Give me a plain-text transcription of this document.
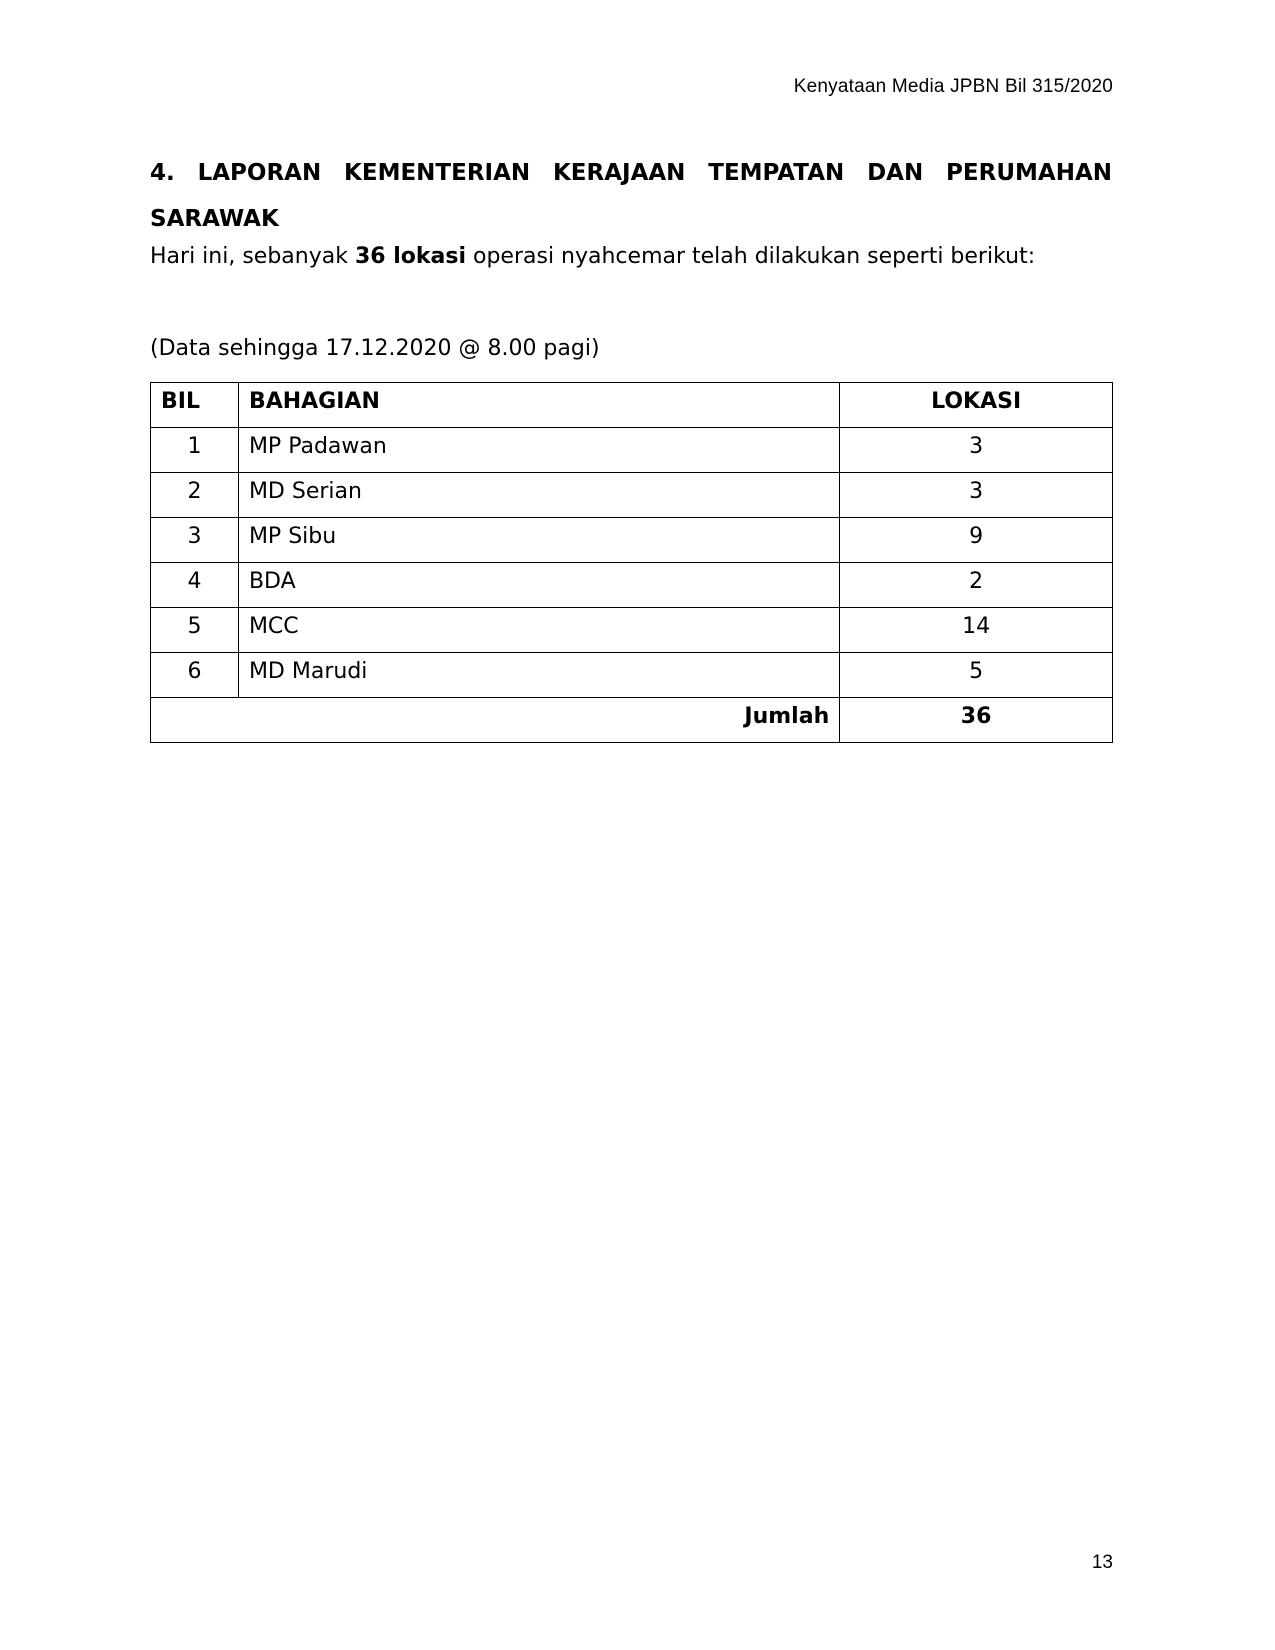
Kenyataan Media JPBN Bil 315/2020

4. LAPORAN KEMENTERIAN KERAJAAN TEMPATAN DAN PERUMAHAN SARAWAK

Hari ini, sebanyak 36 lokasi operasi nyahcemar telah dilakukan seperti berikut:

(Data sehingga 17.12.2020 @ 8.00 pagi)

BIL	BAHAGIAN	LOKASI
1	MP Padawan	3
2	MD Serian	3
3	MP Sibu	9
4	BDA	2
5	MCC	14
6	MD Marudi	5
Jumlah		36
13
